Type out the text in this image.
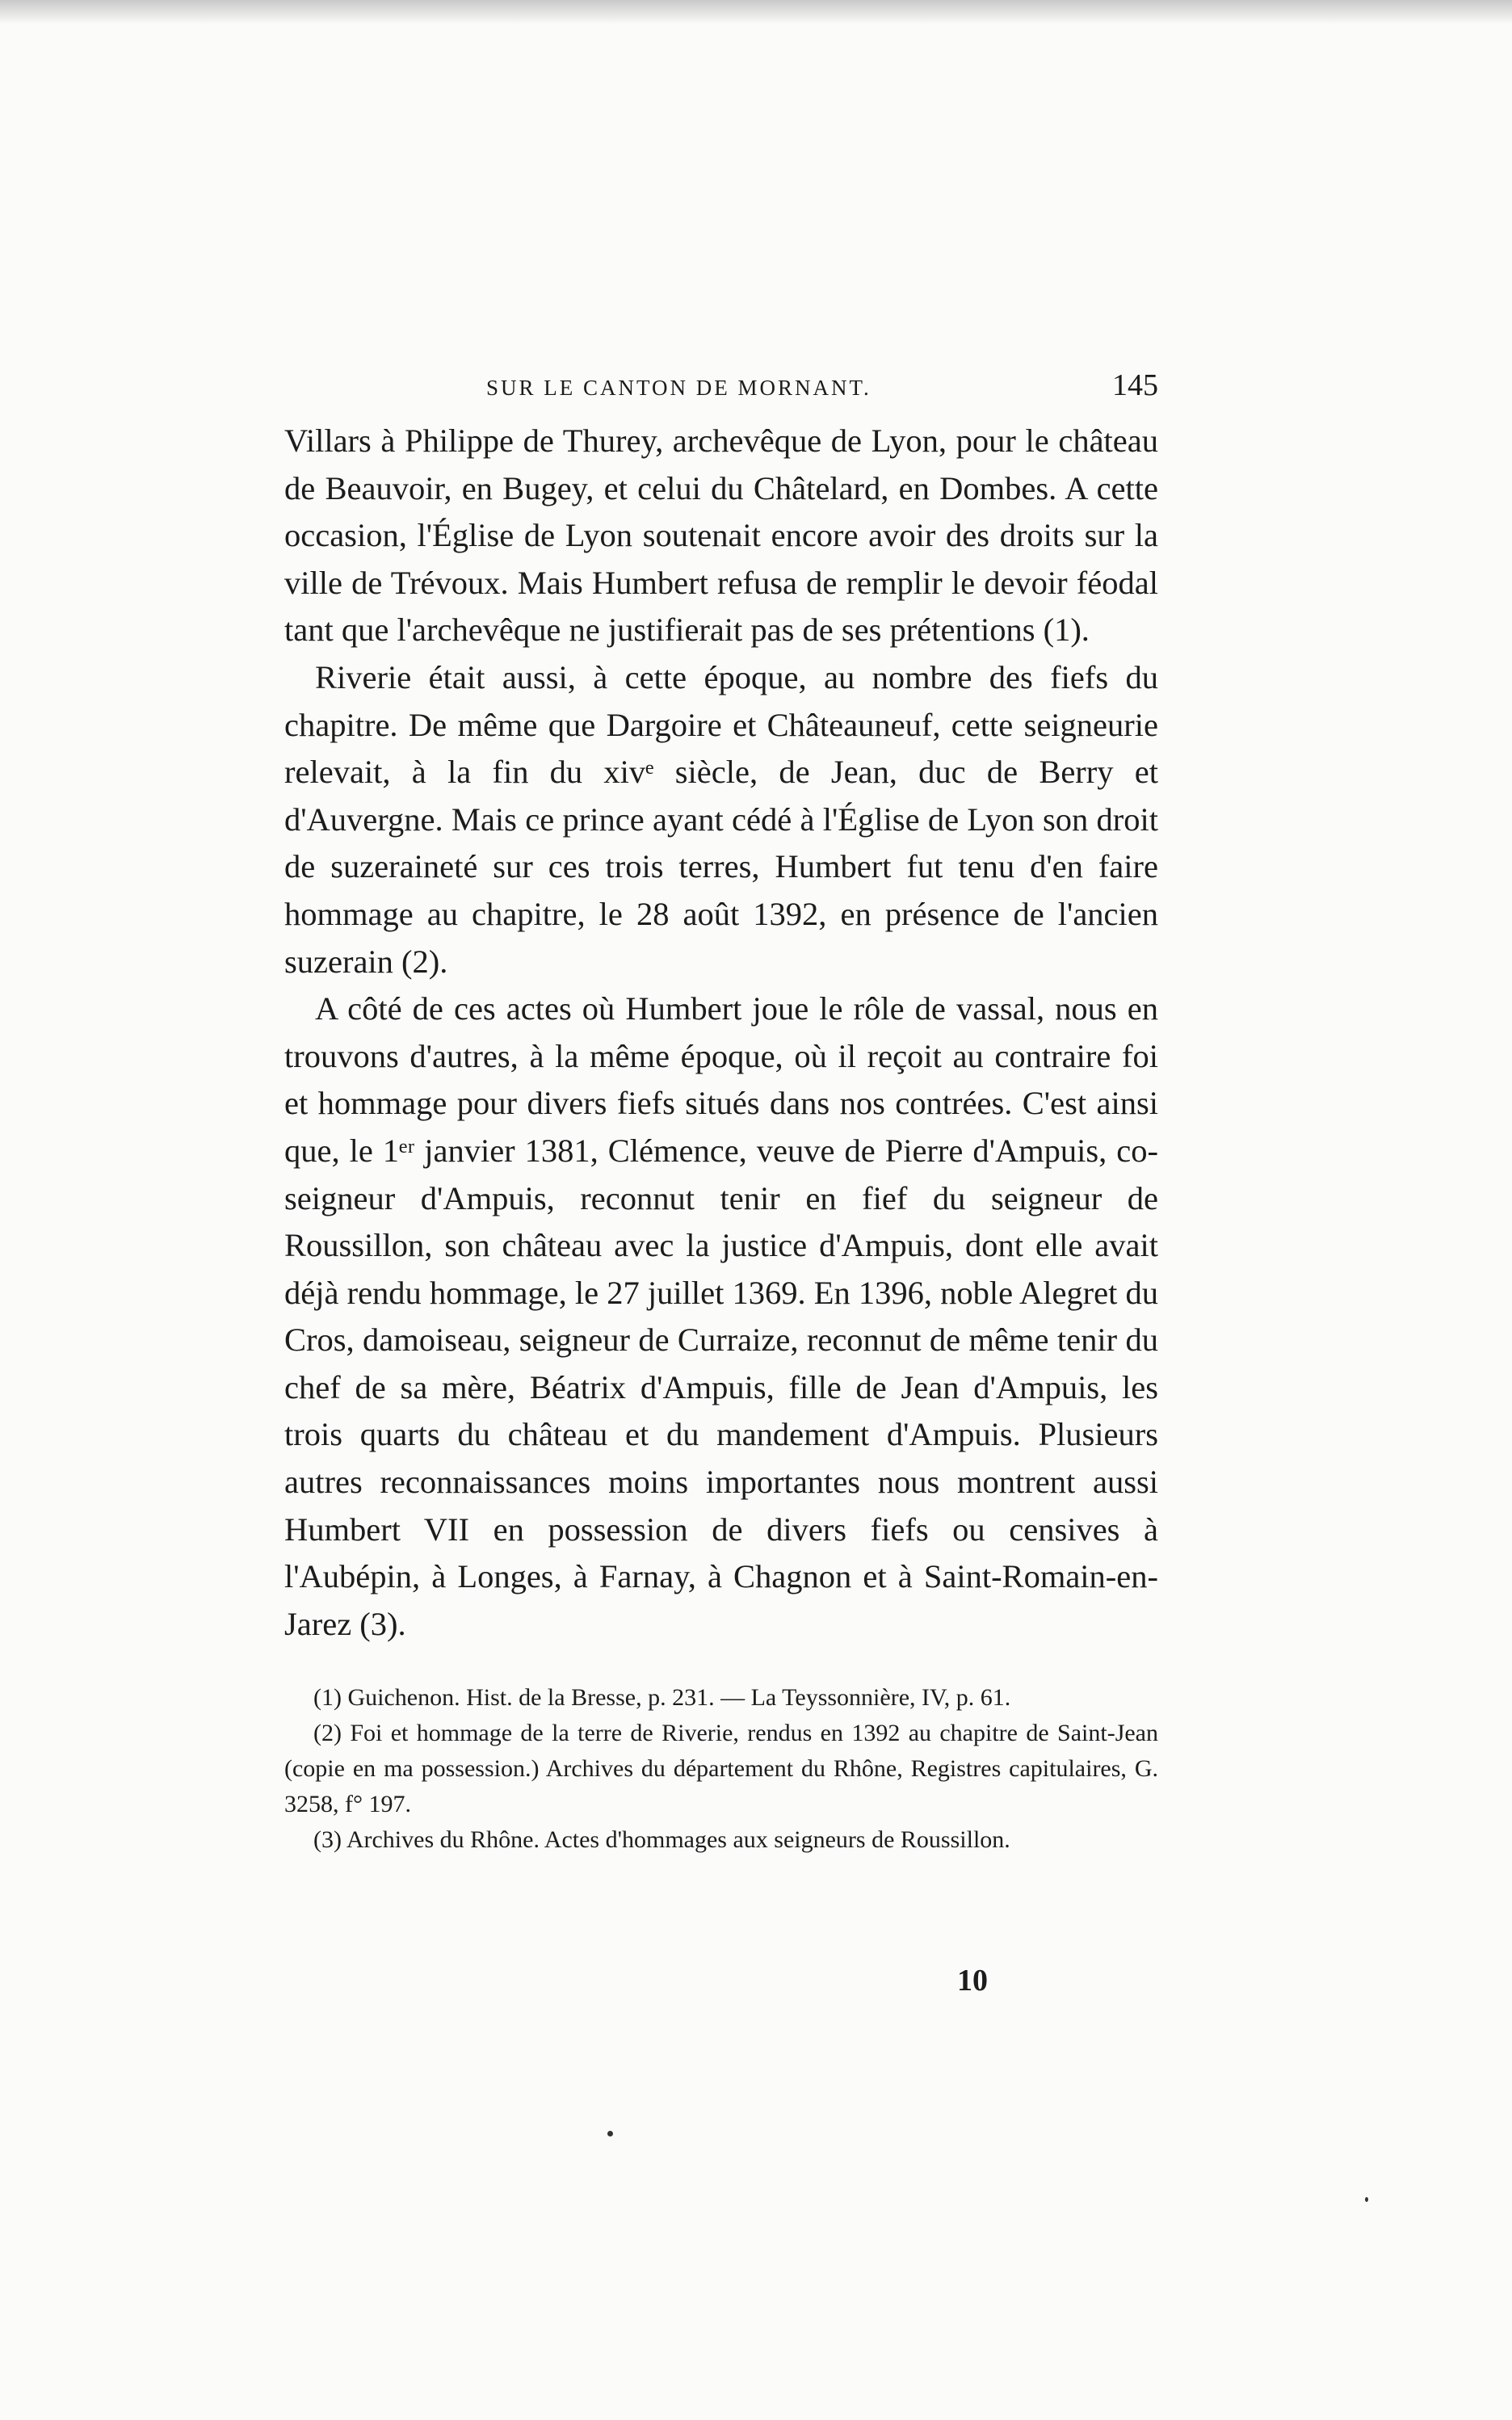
SUR LE CANTON DE MORNANT.	145

Villars à Philippe de Thurey, archevêque de Lyon, pour le château de Beauvoir, en Bugey, et celui du Châtelard, en Dombes. A cette occasion, l'Église de Lyon soutenait encore avoir des droits sur la ville de Trévoux. Mais Humbert refusa de remplir le devoir féodal tant que l'archevêque ne justifierait pas de ses prétentions (1).

Riverie était aussi, à cette époque, au nombre des fiefs du chapitre. De même que Dargoire et Châteauneuf, cette seigneurie relevait, à la fin du xivᵉ siècle, de Jean, duc de Berry et d'Auvergne. Mais ce prince ayant cédé à l'Église de Lyon son droit de suzeraineté sur ces trois terres, Humbert fut tenu d'en faire hommage au chapitre, le 28 août 1392, en présence de l'ancien suzerain (2).

A côté de ces actes où Humbert joue le rôle de vassal, nous en trouvons d'autres, à la même époque, où il reçoit au contraire foi et hommage pour divers fiefs situés dans nos contrées. C'est ainsi que, le 1ᵉʳ janvier 1381, Clémence, veuve de Pierre d'Ampuis, co-seigneur d'Ampuis, reconnut tenir en fief du seigneur de Roussillon, son château avec la justice d'Ampuis, dont elle avait déjà rendu hommage, le 27 juillet 1369. En 1396, noble Alegret du Cros, damoiseau, seigneur de Curraize, reconnut de même tenir du chef de sa mère, Béatrix d'Ampuis, fille de Jean d'Ampuis, les trois quarts du château et du mandement d'Ampuis. Plusieurs autres reconnaissances moins importantes nous montrent aussi Humbert VII en possession de divers fiefs ou censives à l'Aubépin, à Longes, à Farnay, à Chagnon et à Saint-Romain-en-Jarez (3).

(1) Guichenon. Hist. de la Bresse, p. 231. — La Teyssonnière, IV, p. 61.

(2) Foi et hommage de la terre de Riverie, rendus en 1392 au chapitre de Saint-Jean (copie en ma possession.) Archives du département du Rhône, Registres capitulaires, G. 3258, f° 197.

(3) Archives du Rhône. Actes d'hommages aux seigneurs de Roussillon.

10
